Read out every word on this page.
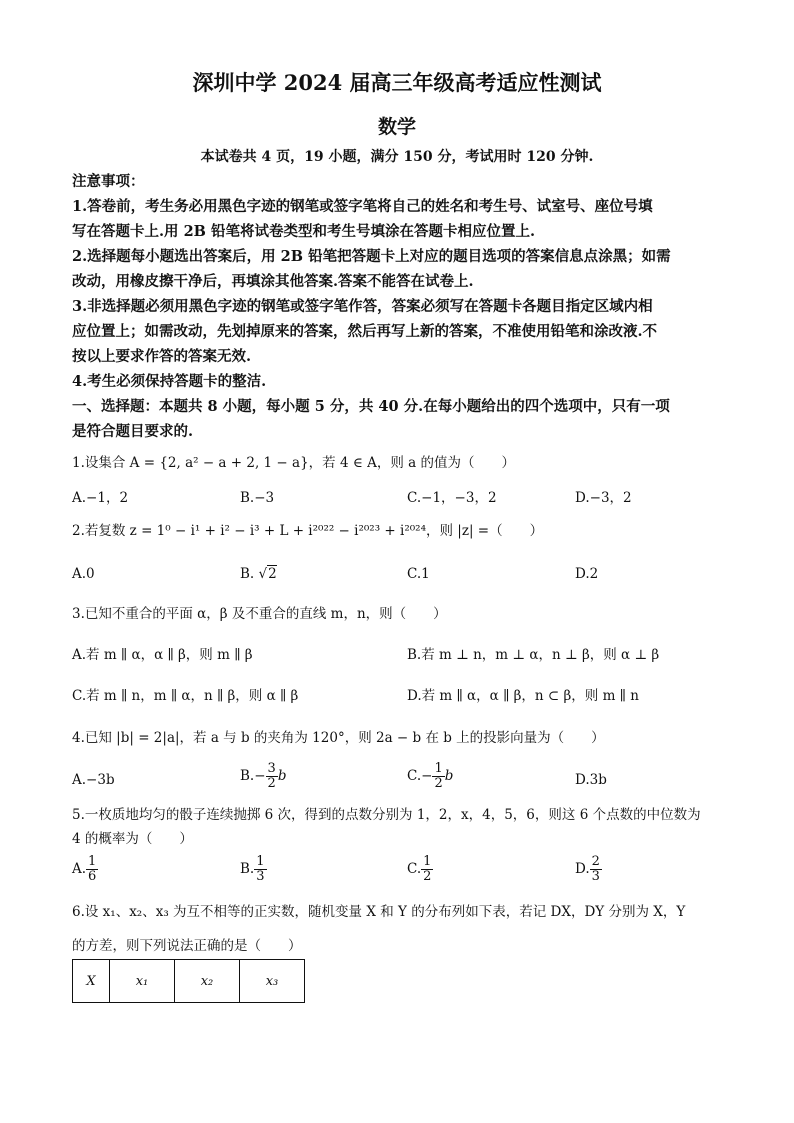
深圳中学 2024 届高三年级高考适应性测试
数学
本试卷共 4 页，19 小题，满分 150 分，考试用时 120 分钟.
注意事项：
1.答卷前，考生务必用黑色字迹的钢笔或签字笔将自己的姓名和考生号、试室号、座位号填
写在答题卡上.用 2B 铅笔将试卷类型和考生号填涂在答题卡相应位置上.
2.选择题每小题选出答案后，用 2B 铅笔把答题卡上对应的题目选项的答案信息点涂黑；如需
改动，用橡皮擦干净后，再填涂其他答案.答案不能答在试卷上.
3.非选择题必须用黑色字迹的钢笔或签字笔作答，答案必须写在答题卡各题目指定区域内相
应位置上；如需改动，先划掉原来的答案，然后再写上新的答案，不准使用铅笔和涂改液.不
按以上要求作答的答案无效.
4.考生必须保持答题卡的整洁.
一、选择题：本题共 8 小题，每小题 5 分，共 40 分.在每小题给出的四个选项中，只有一项
是符合题目要求的.
1.设集合 A = {2, a² − a + 2, 1 − a}，若 4 ∈ A，则 a 的值为（　　）
A.−1，2	B.−3	C.−1，−3，2	D.−3，2
2.若复数 z = 1⁰ − i¹ + i² − i³ + L + i²⁰²² − i²⁰²³ + i²⁰²⁴，则 |z| =（　　）
A.0	B. √2	C.1	D.2
3.已知不重合的平面 α，β 及不重合的直线 m，n，则（　　）
A.若 m ∥ α，α ∥ β，则 m ∥ β	B.若 m ⊥ n，m ⊥ α，n ⊥ β，则 α ⊥ β
C.若 m ∥ n，m ∥ α，n ∥ β，则 α ∥ β	D.若 m ∥ α，α ∥ β，n ⊂ β，则 m ∥ n
4.已知 |b| = 2|a|，若 a 与 b 的夹角为 120°，则 2a − b 在 b 上的投影向量为（　　）
A.−3b	$B.- \frac{3}{2}$ b	$C.- \frac{1}{2}$ b	D.3b
5.一枚质地均匀的骰子连续抛掷 6 次，得到的点数分别为 1，2，x，4，5，6，则这 6 个点数的中位数为
4 的概率为（　　）
A. $\frac{1}{6}$	B. $\frac{1}{3}$	C. $\frac{1}{2}$	D. $\frac{2}{3}$
6.设 x₁、x₂、x₃ 为互不相等的正实数，随机变量 X 和 Y 的分布列如下表，若记 DX，DY 分别为 X，Y
的方差，则下列说法正确的是（　　）
X	x₁	x₂	x₃
